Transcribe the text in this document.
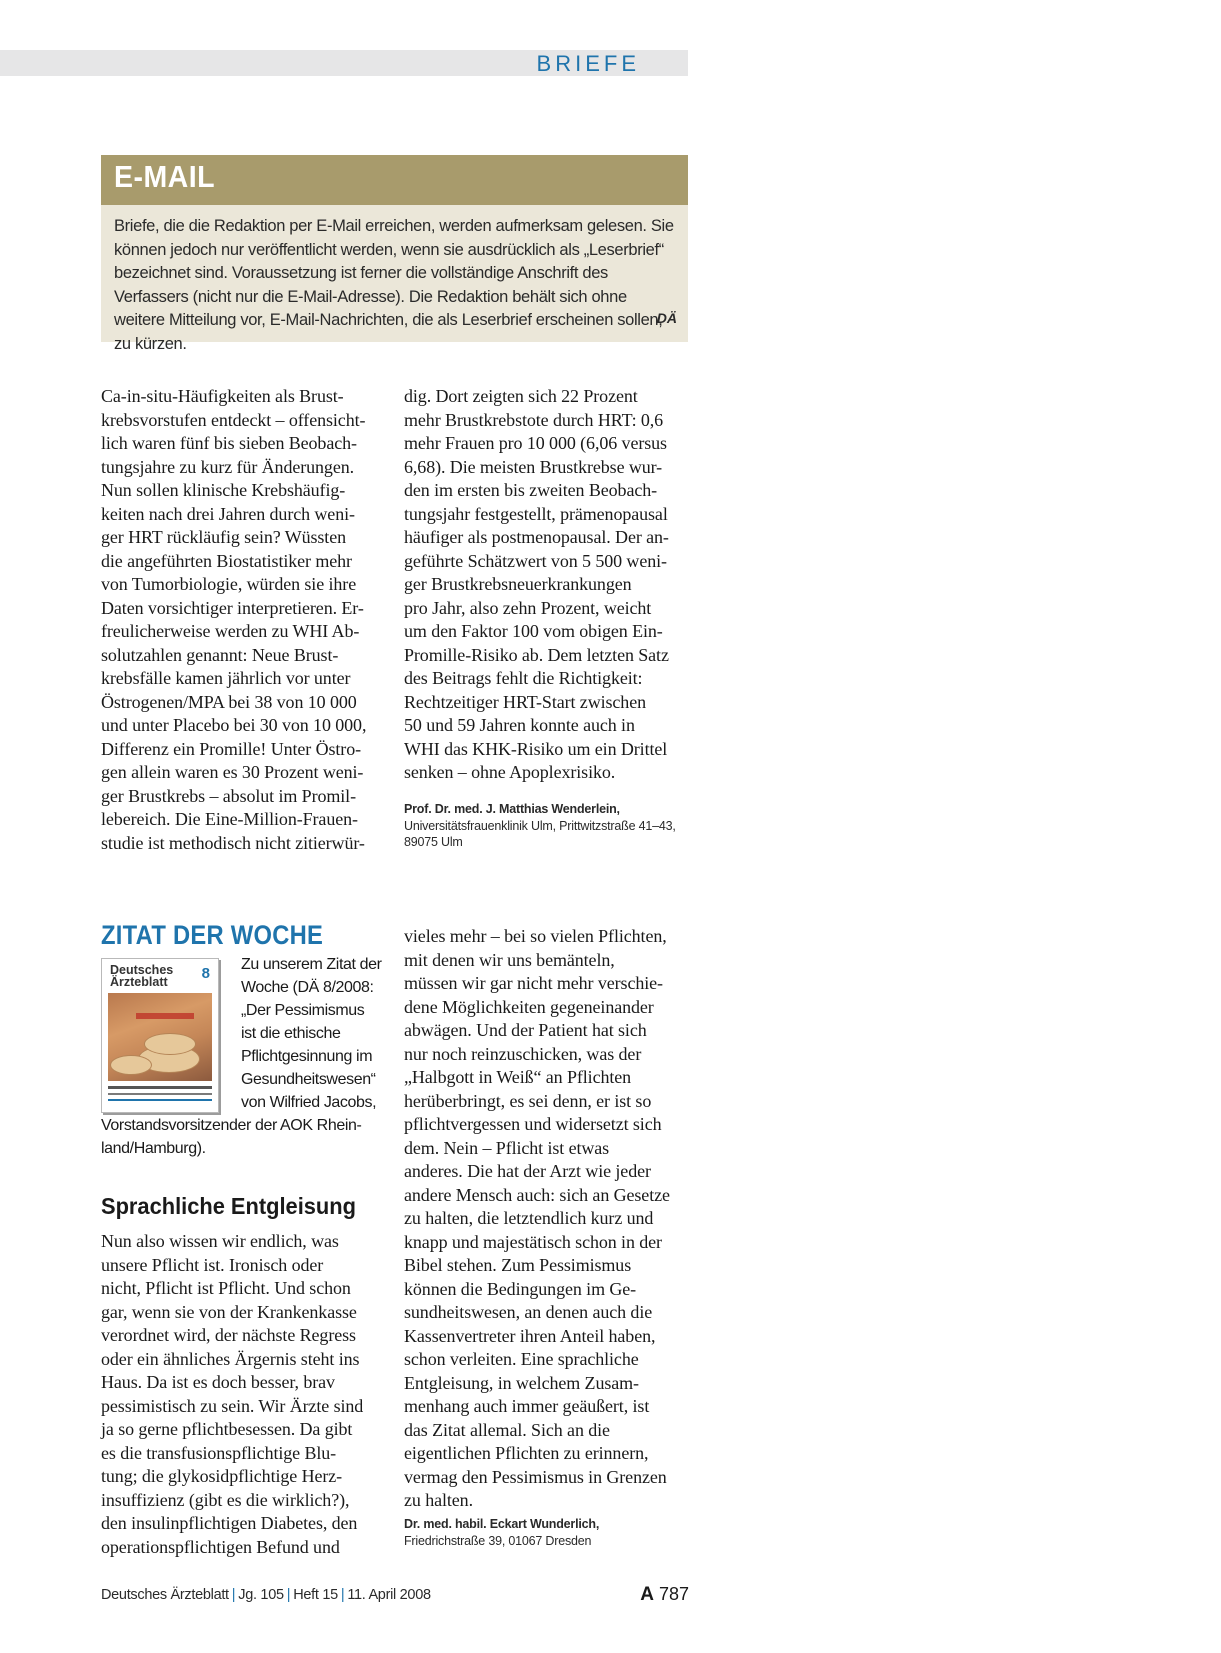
BRIEFE
E-MAIL
Briefe, die die Redaktion per E-Mail erreichen, werden aufmerksam gelesen. Sie können jedoch nur veröffentlicht werden, wenn sie ausdrücklich als „Leserbrief“ bezeichnet sind. Voraussetzung ist ferner die vollständige Anschrift des Verfassers (nicht nur die E-Mail-Adresse). Die Redaktion behält sich ohne weitere Mitteilung vor, E-Mail-Nachrichten, die als Leserbrief erscheinen sollen, zu kürzen.
DÄ
Ca-in-situ-Häufigkeiten als Brust-
krebsvorstufen entdeckt – offensicht-
lich waren fünf bis sieben Beobach-
tungsjahre zu kurz für Änderungen.
Nun sollen klinische Krebshäufig-
keiten nach drei Jahren durch weni-
ger HRT rückläufig sein? Wüssten
die angeführten Biostatistiker mehr
von Tumorbiologie, würden sie ihre
Daten vorsichtiger interpretieren. Er-
freulicherweise werden zu WHI Ab-
solutzahlen genannt: Neue Brust-
krebsfälle kamen jährlich vor unter
Östrogenen/MPA bei 38 von 10 000
und unter Placebo bei 30 von 10 000,
Differenz ein Promille! Unter Östro-
gen allein waren es 30 Prozent weni-
ger Brustkrebs – absolut im Promil-
lebereich. Die Eine-Million-Frauen-
studie ist methodisch nicht zitierwür-
dig. Dort zeigten sich 22 Prozent
mehr Brustkrebstote durch HRT: 0,6
mehr Frauen pro 10 000 (6,06 versus
6,68). Die meisten Brustkrebse wur-
den im ersten bis zweiten Beobach-
tungsjahr festgestellt, prämenopausal
häufiger als postmenopausal. Der an-
geführte Schätzwert von 5 500 weni-
ger Brustkrebsneuerkrankungen
pro Jahr, also zehn Prozent, weicht
um den Faktor 100 vom obigen Ein-
Promille-Risiko ab. Dem letzten Satz
des Beitrags fehlt die Richtigkeit:
Rechtzeitiger HRT-Start zwischen
50 und 59 Jahren konnte auch in
WHI das KHK-Risiko um ein Drittel
senken – ohne Apoplexrisiko.
Prof. Dr. med. J. Matthias Wenderlein,
Universitätsfrauenklinik Ulm, Prittwitzstraße 41–43, 89075 Ulm
ZITAT DER WOCHE
Deutsches
Ärzteblatt	8
Zu unserem Zitat der
Woche (DÄ 8/2008:
„Der Pessimismus
ist die ethische
Pflichtgesinnung im
Gesundheitswesen“
von Wilfried Jacobs,
Vorstandsvorsitzender der AOK Rhein-
land/Hamburg).
Sprachliche Entgleisung
Nun also wissen wir endlich, was
unsere Pflicht ist. Ironisch oder
nicht, Pflicht ist Pflicht. Und schon
gar, wenn sie von der Krankenkasse
verordnet wird, der nächste Regress
oder ein ähnliches Ärgernis steht ins
Haus. Da ist es doch besser, brav
pessimistisch zu sein. Wir Ärzte sind
ja so gerne pflichtbesessen. Da gibt
es die transfusionspflichtige Blu-
tung; die glykosidpflichtige Herz-
insuffizienz (gibt es die wirklich?),
den insulinpflichtigen Diabetes, den
operationspflichtigen Befund und
vieles mehr – bei so vielen Pflichten,
mit denen wir uns bemänteln,
müssen wir gar nicht mehr verschie-
dene Möglichkeiten gegeneinander
abwägen. Und der Patient hat sich
nur noch reinzuschicken, was der
„Halbgott in Weiß“ an Pflichten
herüberbringt, es sei denn, er ist so
pflichtvergessen und widersetzt sich
dem. Nein – Pflicht ist etwas
anderes. Die hat der Arzt wie jeder
andere Mensch auch: sich an Gesetze
zu halten, die letztendlich kurz und
knapp und majestätisch schon in der
Bibel stehen. Zum Pessimismus
können die Bedingungen im Ge-
sundheitswesen, an denen auch die
Kassenvertreter ihren Anteil haben,
schon verleiten. Eine sprachliche
Entgleisung, in welchem Zusam-
menhang auch immer geäußert, ist
das Zitat allemal. Sich an die
eigentlichen Pflichten zu erinnern,
vermag den Pessimismus in Grenzen
zu halten.
Dr. med. habil. Eckart Wunderlich,
Friedrichstraße 39, 01067 Dresden
Deutsches Ärzteblatt | Jg. 105 | Heft 15 | 11. April 2008	A 787
